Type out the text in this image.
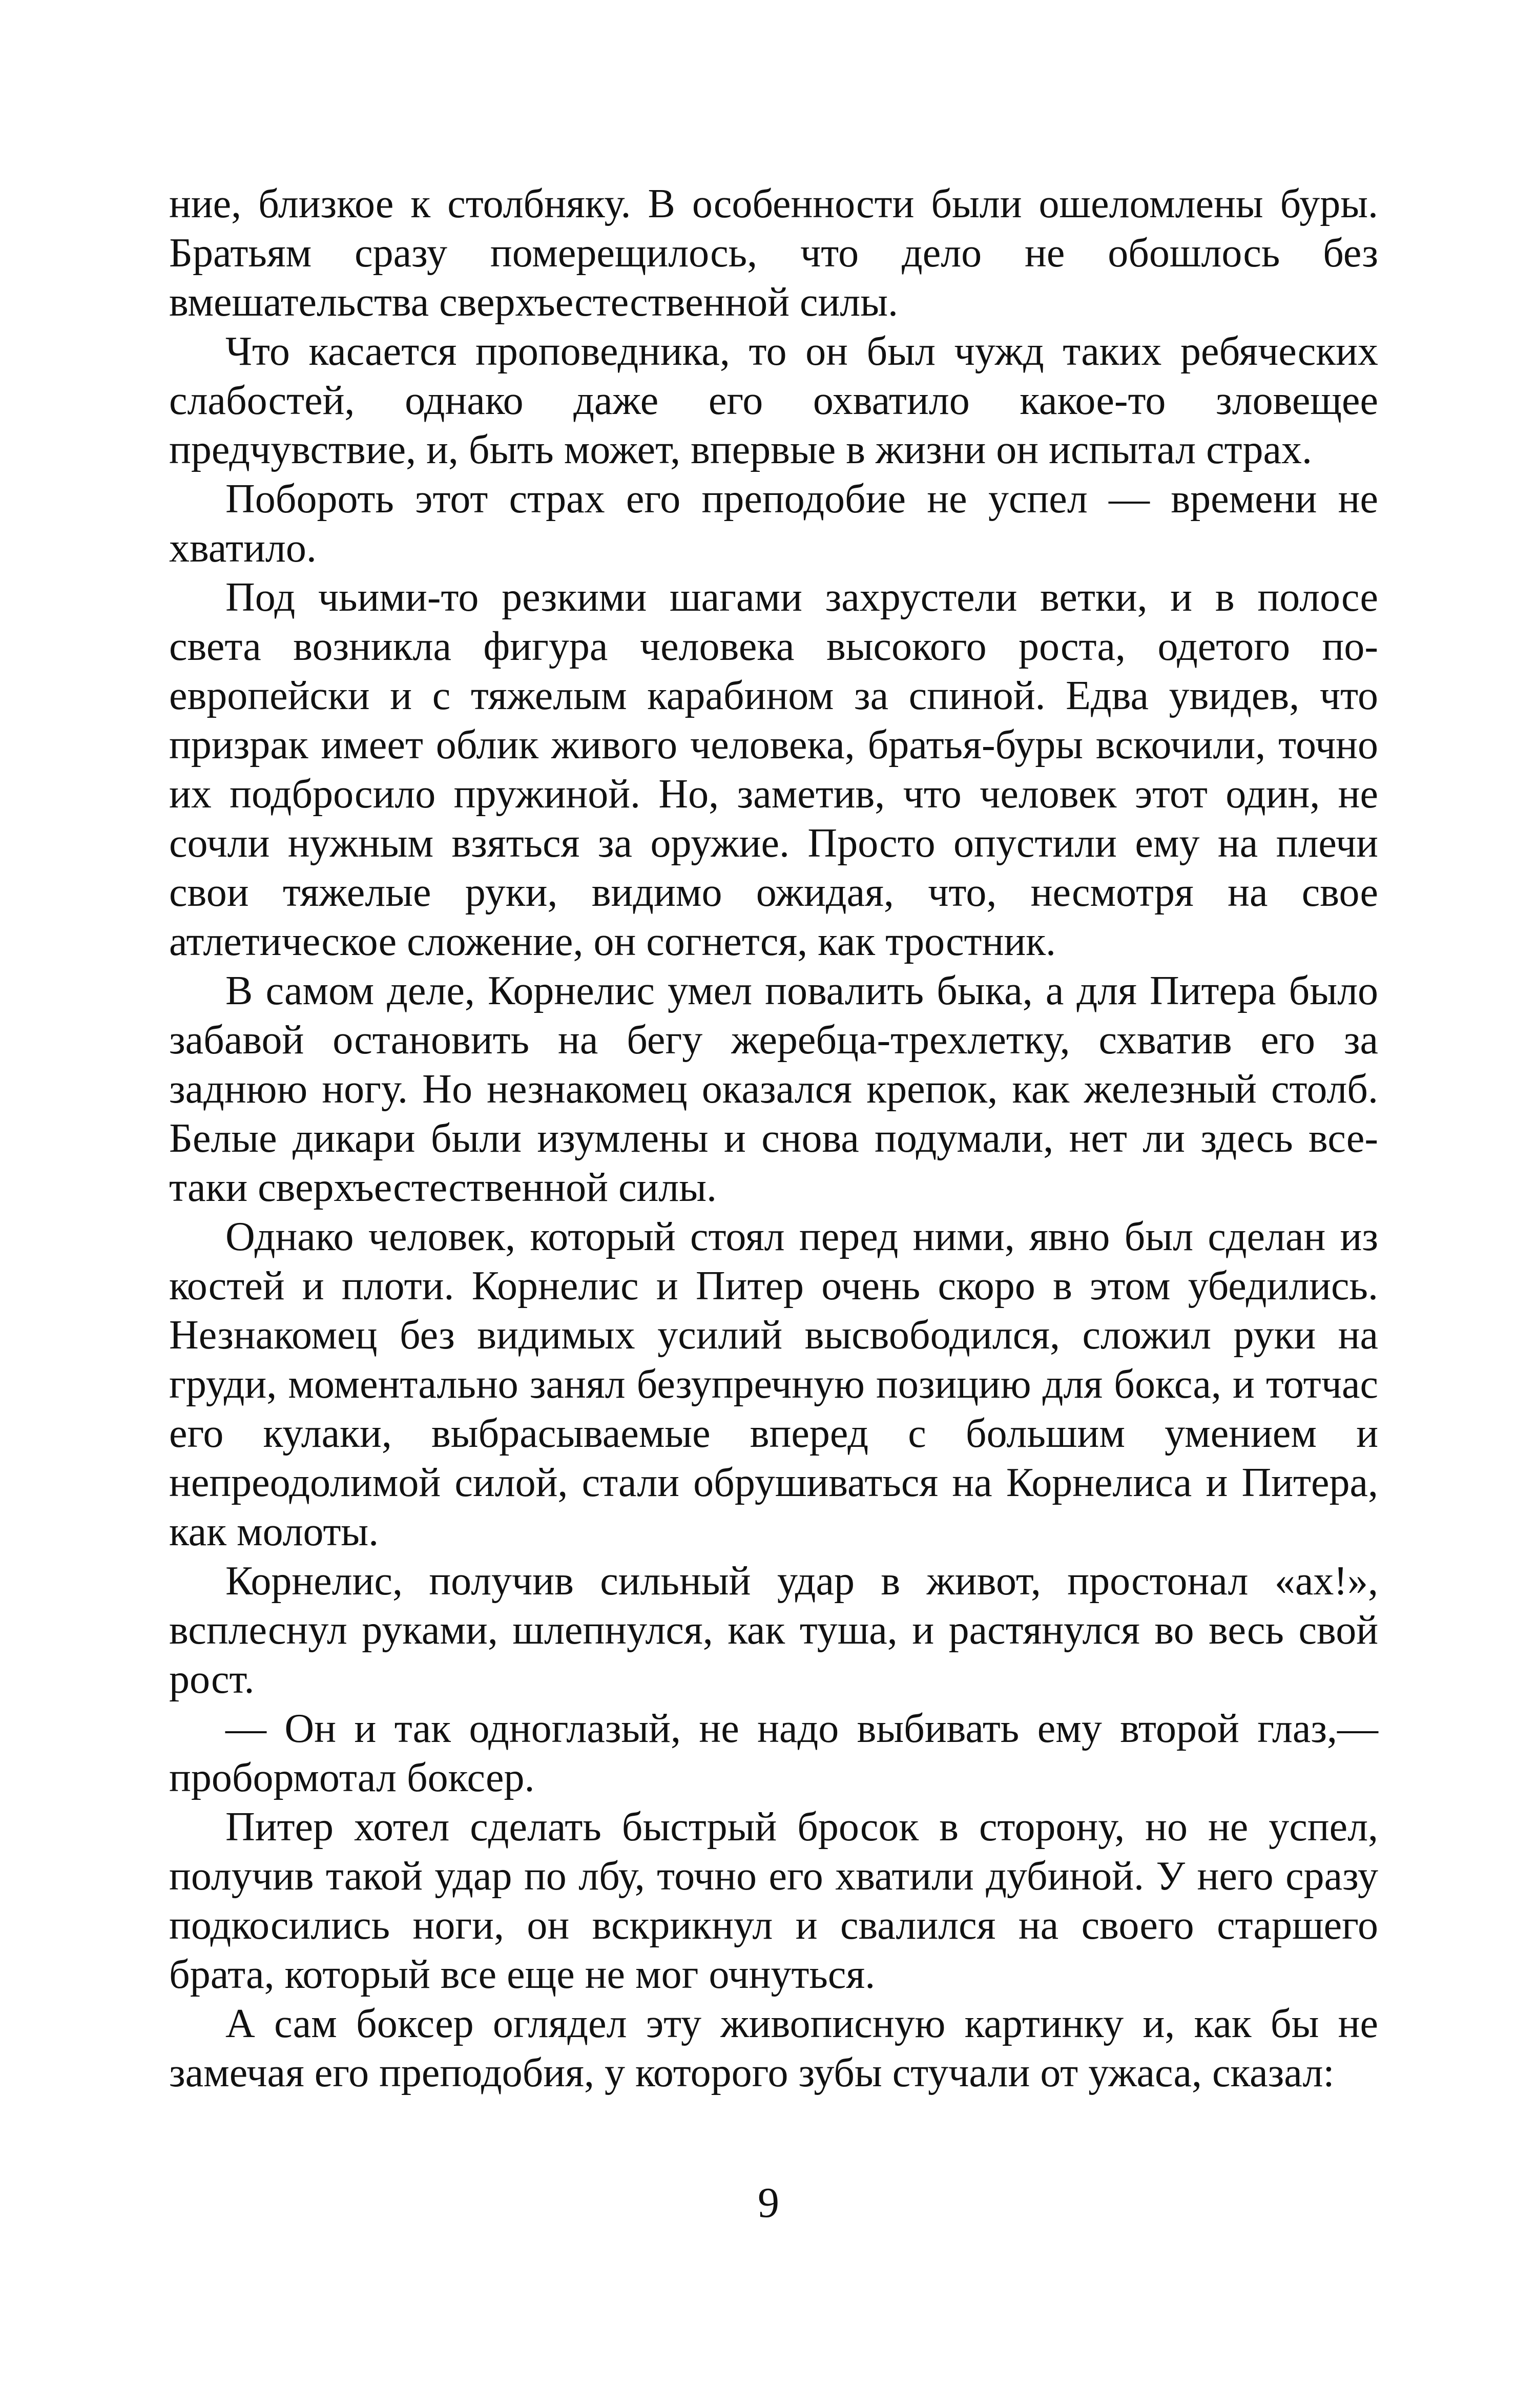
ние, близкое к столбняку. В особенности были ошеломлены буры. Братьям сразу померещилось, что дело не обошлось без вмешательства сверхъестественной силы.

Что касается проповедника, то он был чужд таких ребяческих слабостей, однако даже его охватило какое-то зловещее предчувствие, и, быть может, впервые в жизни он испытал страх.

Побороть этот страх его преподобие не успел — времени не хватило.

Под чьими-то резкими шагами захрустели ветки, и в полосе света возникла фигура человека высокого роста, одетого по-европейски и с тяжелым карабином за спиной. Едва увидев, что призрак имеет облик живого человека, братья-буры вскочили, точно их подбросило пружиной. Но, заметив, что человек этот один, не сочли нужным взяться за оружие. Просто опустили ему на плечи свои тяжелые руки, видимо ожидая, что, несмотря на свое атлетическое сложение, он согнется, как тростник.

В самом деле, Корнелис умел повалить быка, а для Питера было забавой остановить на бегу жеребца-трехлетку, схватив его за заднюю ногу. Но незнакомец оказался крепок, как железный столб. Белые дикари были изумлены и снова подумали, нет ли здесь все-таки сверхъестественной силы.

Однако человек, который стоял перед ними, явно был сделан из костей и плоти. Корнелис и Питер очень скоро в этом убедились. Незнакомец без видимых усилий высвободился, сложил руки на груди, моментально занял безупречную позицию для бокса, и тотчас его кулаки, выбрасываемые вперед с большим умением и непреодолимой силой, стали обрушиваться на Корнелиса и Питера, как молоты.

Корнелис, получив сильный удар в живот, простонал «ах!», всплеснул руками, шлепнулся, как туша, и растянулся во весь свой рост.

— Он и так одноглазый, не надо выбивать ему второй глаз,— пробормотал боксер.

Питер хотел сделать быстрый бросок в сторону, но не успел, получив такой удар по лбу, точно его хватили дубиной. У него сразу подкосились ноги, он вскрикнул и свалился на своего старшего брата, который все еще не мог очнуться.

А сам боксер оглядел эту живописную картинку и, как бы не замечая его преподобия, у которого зубы стучали от ужаса, сказал:

9
